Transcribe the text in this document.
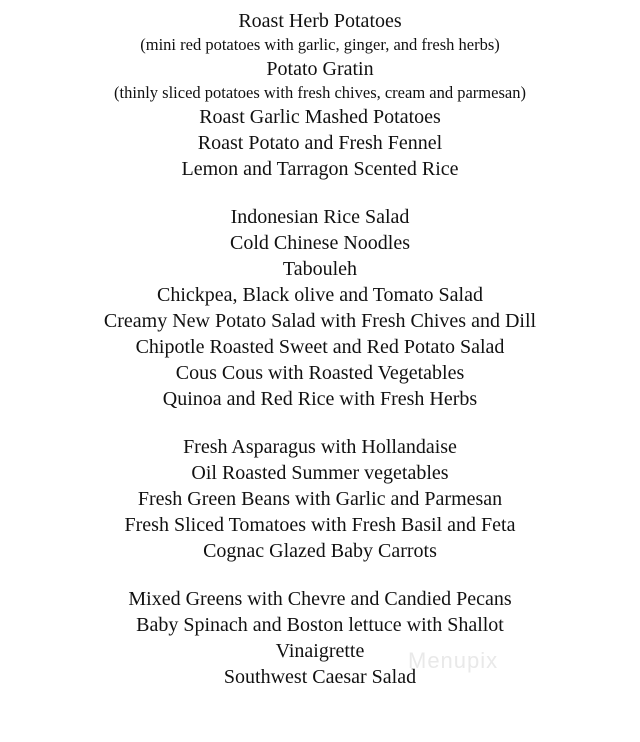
Roast Herb Potatoes
(mini red potatoes with garlic, ginger, and fresh herbs)
Potato Gratin
(thinly sliced potatoes with fresh chives, cream and parmesan)
Roast Garlic Mashed Potatoes
Roast Potato and Fresh Fennel
Lemon and Tarragon Scented Rice
Indonesian Rice Salad
Cold Chinese Noodles
Tabouleh
Chickpea, Black olive and Tomato Salad
Creamy New Potato Salad with Fresh Chives and Dill
Chipotle Roasted Sweet and Red Potato Salad
Cous Cous with Roasted Vegetables
Quinoa and Red Rice with Fresh Herbs
Fresh Asparagus with Hollandaise
Oil Roasted Summer vegetables
Fresh Green Beans with Garlic and Parmesan
Fresh Sliced Tomatoes with Fresh Basil and Feta
Cognac Glazed Baby Carrots
Mixed Greens with Chevre and Candied Pecans
Baby Spinach and Boston lettuce with Shallot Vinaigrette
Southwest Caesar Salad
Menupix
